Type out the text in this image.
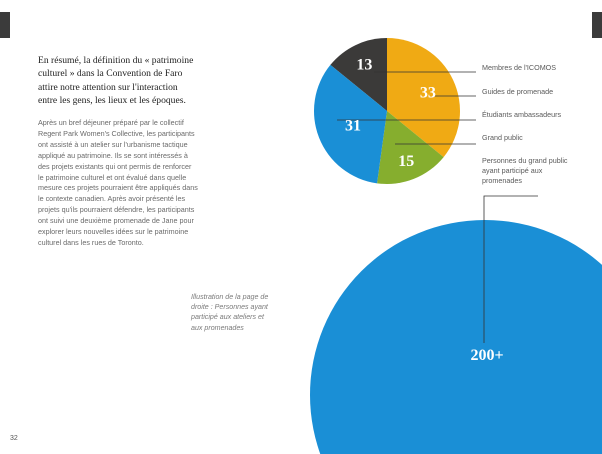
En résumé, la définition du « patrimoine culturel » dans la Convention de Faro attire notre attention sur l'interaction entre les gens, les lieux et les époques.

Après un bref déjeuner préparé par le collectif Regent Park Women's Collective, les participants ont assisté à un atelier sur l'urbanisme tactique appliqué au patrimoine. Ils se sont intéressés à des projets existants qui ont permis de renforcer le patrimoine culturel et ont évalué dans quelle mesure ces projets pourraient être appliqués dans le contexte canadien. Après avoir présenté les projets qu'ils pourraient défendre, les participants ont suivi une deuxième promenade de Jane pour explorer leurs nouvelles idées sur le patrimoine culturel dans les rues de Toronto.

Illustration de la page de droite : Personnes ayant participé aux ateliers et aux promenades

32
13
33
15
31
200+
Membres de l'ICOMOS
Guides de promenade
Étudiants ambassadeurs
Grand public
Personnes du grand public ayant participé aux promenades
